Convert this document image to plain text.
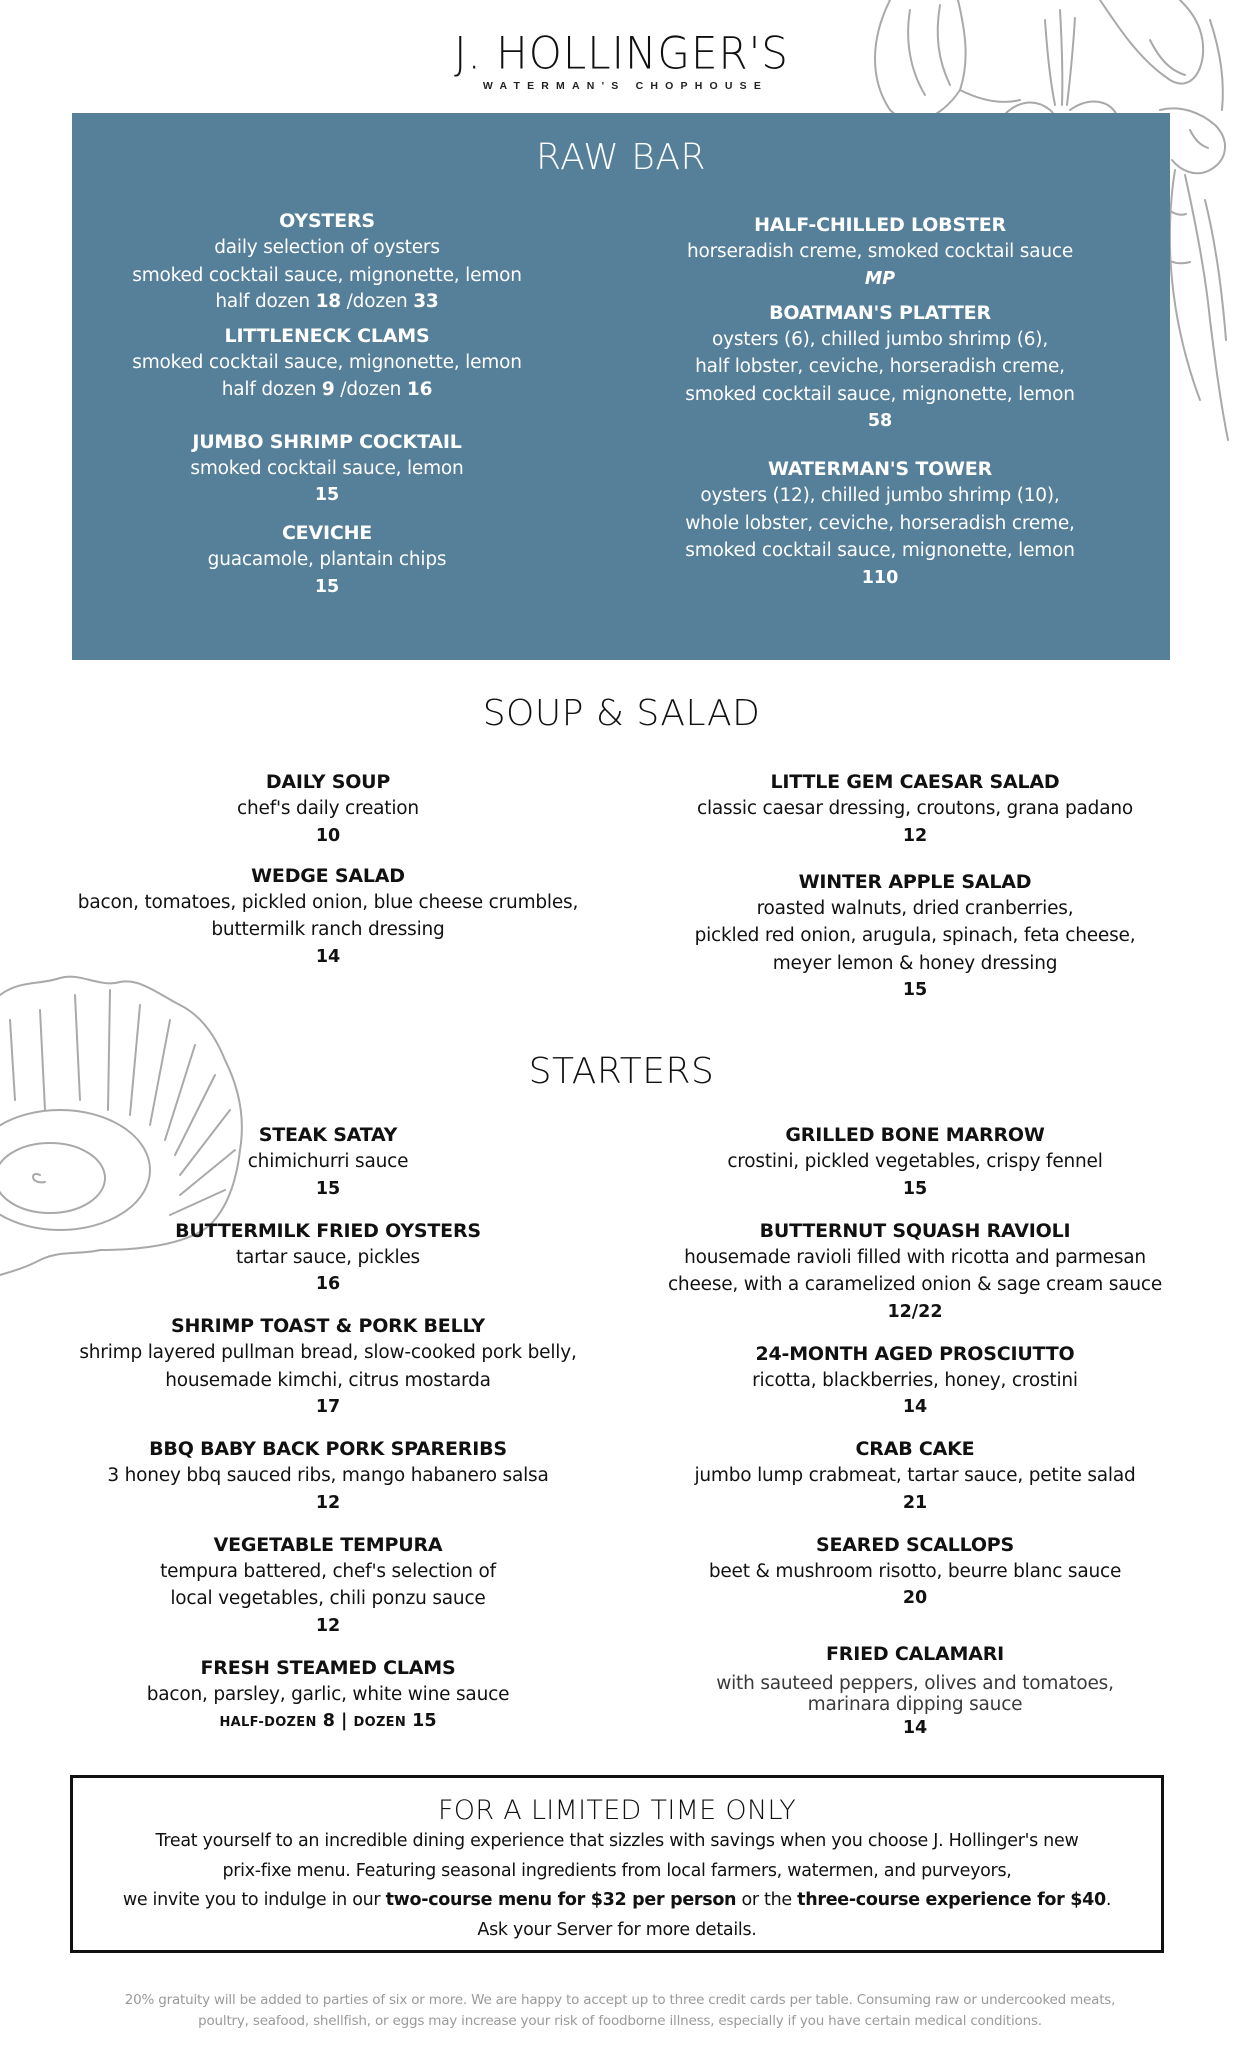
J. HOLLINGER'S
WATERMAN'S CHOPHOUSE
RAW BAR
OYSTERS
daily selection of oysters
smoked cocktail sauce, mignonette, lemon
half dozen 18 /dozen 33
LITTLENECK CLAMS
smoked cocktail sauce, mignonette, lemon
half dozen 9 /dozen 16
JUMBO SHRIMP COCKTAIL
smoked cocktail sauce, lemon
15
CEVICHE
guacamole, plantain chips
15
HALF-CHILLED LOBSTER
horseradish creme, smoked cocktail sauce
MP
BOATMAN'S PLATTER
oysters (6), chilled jumbo shrimp (6),
half lobster, ceviche, horseradish creme,
smoked cocktail sauce, mignonette, lemon
58
WATERMAN'S TOWER
oysters (12), chilled jumbo shrimp (10),
whole lobster, ceviche, horseradish creme,
smoked cocktail sauce, mignonette, lemon
110
SOUP & SALAD
DAILY SOUP
chef's daily creation
10
WEDGE SALAD
bacon, tomatoes, pickled onion, blue cheese crumbles,
buttermilk ranch dressing
14
LITTLE GEM CAESAR SALAD
classic caesar dressing, croutons, grana padano
12
WINTER APPLE SALAD
roasted walnuts, dried cranberries,
pickled red onion, arugula, spinach, feta cheese,
meyer lemon & honey dressing
15
STARTERS
STEAK SATAY
chimichurri sauce
15
BUTTERMILK FRIED OYSTERS
tartar sauce, pickles
16
SHRIMP TOAST & PORK BELLY
shrimp layered pullman bread, slow-cooked pork belly,
housemade kimchi, citrus mostarda
17
BBQ BABY BACK PORK SPARERIBS
3 honey bbq sauced ribs, mango habanero salsa
12
VEGETABLE TEMPURA
tempura battered, chef's selection of
local vegetables, chili ponzu sauce
12
FRESH STEAMED CLAMS
bacon, parsley, garlic, white wine sauce
HALF-DOZEN 8 | DOZEN 15
GRILLED BONE MARROW
crostini, pickled vegetables, crispy fennel
15
BUTTERNUT SQUASH RAVIOLI
housemade ravioli filled with ricotta and parmesan
cheese, with a caramelized onion & sage cream sauce
12/22
24-MONTH AGED PROSCIUTTO
ricotta, blackberries, honey, crostini
14
CRAB CAKE
jumbo lump crabmeat, tartar sauce, petite salad
21
SEARED SCALLOPS
beet & mushroom risotto, beurre blanc sauce
20
FRIED CALAMARI
with sauteed peppers, olives and tomatoes,
marinara dipping sauce
14
FOR A LIMITED TIME ONLY
Treat yourself to an incredible dining experience that sizzles with savings when you choose J. Hollinger's new
prix-fixe menu. Featuring seasonal ingredients from local farmers, watermen, and purveyors,
we invite you to indulge in our two-course menu for $32 per person or the three-course experience for $40.
Ask your Server for more details.
20% gratuity will be added to parties of six or more. We are happy to accept up to three credit cards per table. Consuming raw or undercooked meats,
poultry, seafood, shellfish, or eggs may increase your risk of foodborne illness, especially if you have certain medical conditions.
